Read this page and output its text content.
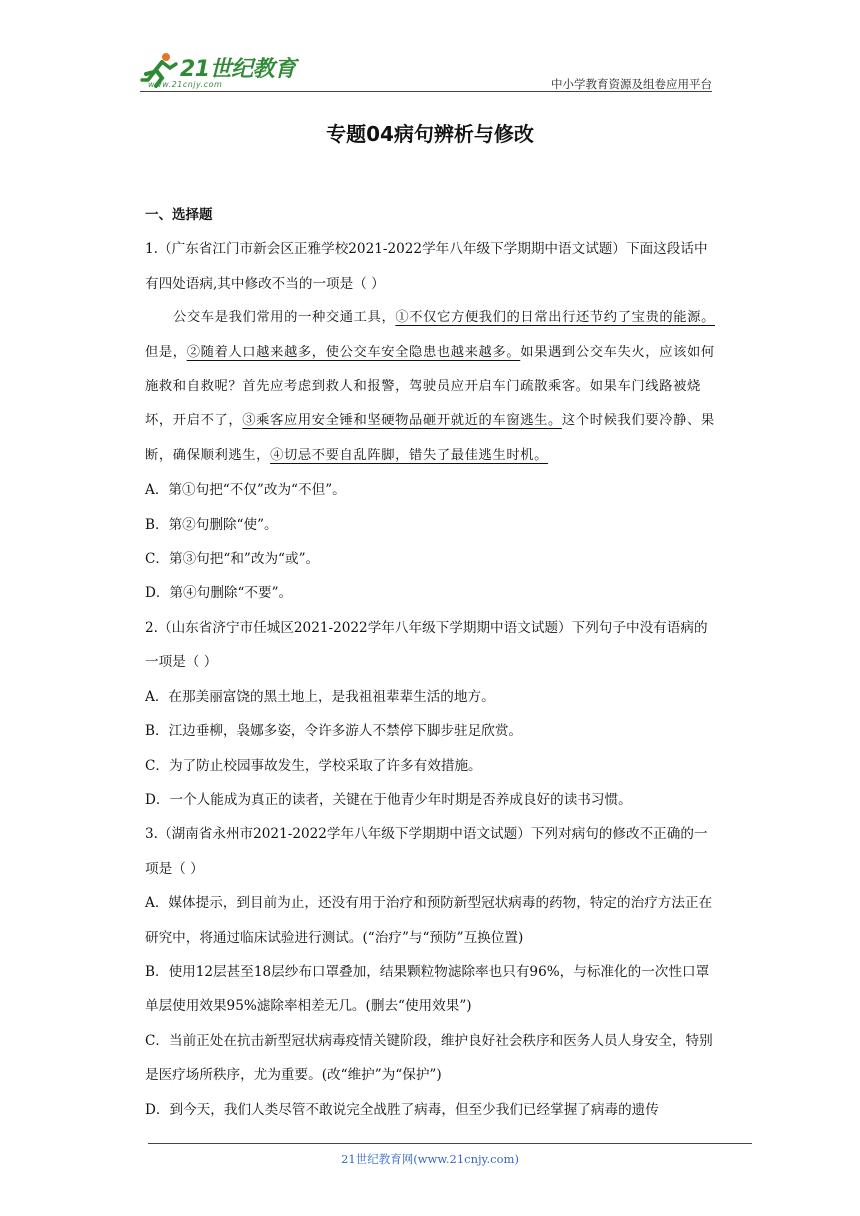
21世纪教育
www.21cnjy.com	中小学教育资源及组卷应用平台
专题04病句辨析与修改

一、选择题

1.（广东省江门市新会区正雅学校2021-2022学年八年级下学期期中语文试题）下面这段话中有四处语病,其中修改不当的一项是（ ）

公交车是我们常用的一种交通工具，①不仅它方便我们的日常出行还节约了宝贵的能源。但是，②随着人口越来越多，使公交车安全隐患也越来越多。如果遇到公交车失火，应该如何施救和自救呢？首先应考虑到救人和报警，驾驶员应开启车门疏散乘客。如果车门线路被烧坏，开启不了，③乘客应用安全锤和坚硬物品砸开就近的车窗逃生。这个时候我们要冷静、果断，确保顺利逃生，④切忌不要自乱阵脚，错失了最佳逃生时机。

A．第①句把“不仅”改为“不但”。

B．第②句删除“使”。

C．第③句把“和”改为“或”。

D．第④句删除“不要”。

2.（山东省济宁市任城区2021-2022学年八年级下学期期中语文试题）下列句子中没有语病的一项是（ ）

A．在那美丽富饶的黑土地上，是我祖祖辈辈生活的地方。

B．江边垂柳，袅娜多姿，令许多游人不禁停下脚步驻足欣赏。

C．为了防止校园事故发生，学校采取了许多有效措施。

D．一个人能成为真正的读者，关键在于他青少年时期是否养成良好的读书习惯。

3.（湖南省永州市2021-2022学年八年级下学期期中语文试题）下列对病句的修改不正确的一项是（ ）

A．媒体提示，到目前为止，还没有用于治疗和预防新型冠状病毒的药物，特定的治疗方法正在研究中，将通过临床试验进行测试。(“治疗”与“预防”互换位置)

B．使用12层甚至18层纱布口罩叠加，结果颗粒物滤除率也只有96%，与标准化的一次性口罩单层使用效果95%滤除率相差无几。(删去“使用效果”)

C．当前正处在抗击新型冠状病毒疫情关键阶段，维护良好社会秩序和医务人员人身安全，特别是医疗场所秩序，尤为重要。(改“维护”为“保护”)

D．到今天，我们人类尽管不敢说完全战胜了病毒，但至少我们已经掌握了病毒的遗传

21世纪教育网(www.21cnjy.com)
